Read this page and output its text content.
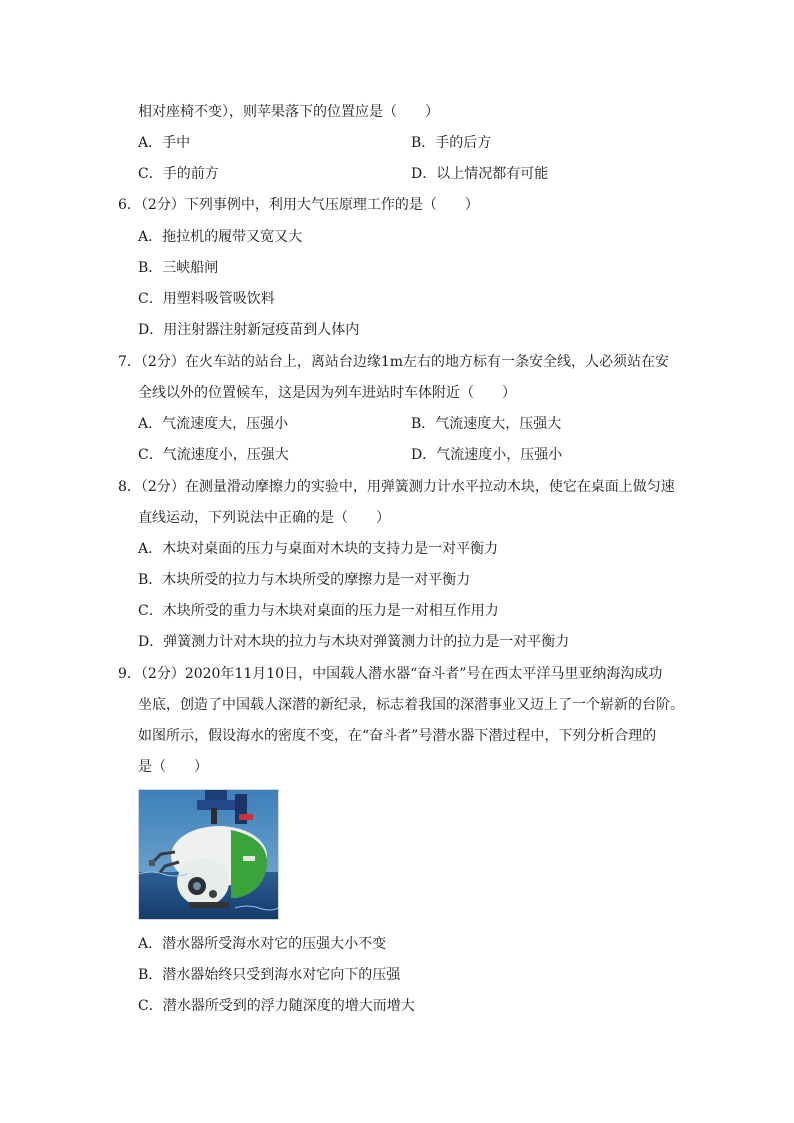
相对座椅不变），则苹果落下的位置应是（　　）
A．手中	B．手的后方
C．手的前方	D．以上情况都有可能
6．（2分）下列事例中，利用大气压原理工作的是（　　）
A．拖拉机的履带又宽又大
B．三峡船闸
C．用塑料吸管吸饮料
D．用注射器注射新冠疫苗到人体内
7．（2分）在火车站的站台上，离站台边缘1m左右的地方标有一条安全线，人必须站在安
全线以外的位置候车，这是因为列车进站时车体附近（　　）
A．气流速度大，压强小	B．气流速度大，压强大
C．气流速度小，压强大	D．气流速度小，压强小
8．（2分）在测量滑动摩擦力的实验中，用弹簧测力计水平拉动木块，使它在桌面上做匀速
直线运动，下列说法中正确的是（　　）
A．木块对桌面的压力与桌面对木块的支持力是一对平衡力
B．木块所受的拉力与木块所受的摩擦力是一对平衡力
C．木块所受的重力与木块对桌面的压力是一对相互作用力
D．弹簧测力计对木块的拉力与木块对弹簧测力计的拉力是一对平衡力
9．（2分）2020年11月10日，中国载人潜水器“奋斗者”号在西太平洋马里亚纳海沟成功
坐底，创造了中国载人深潜的新纪录，标志着我国的深潜事业又迈上了一个崭新的台阶。
如图所示，假设海水的密度不变，在“奋斗者”号潜水器下潜过程中，下列分析合理的
是（　　）
A．潜水器所受海水对它的压强大小不变
B．潜水器始终只受到海水对它向下的压强
C．潜水器所受到的浮力随深度的增大而增大
